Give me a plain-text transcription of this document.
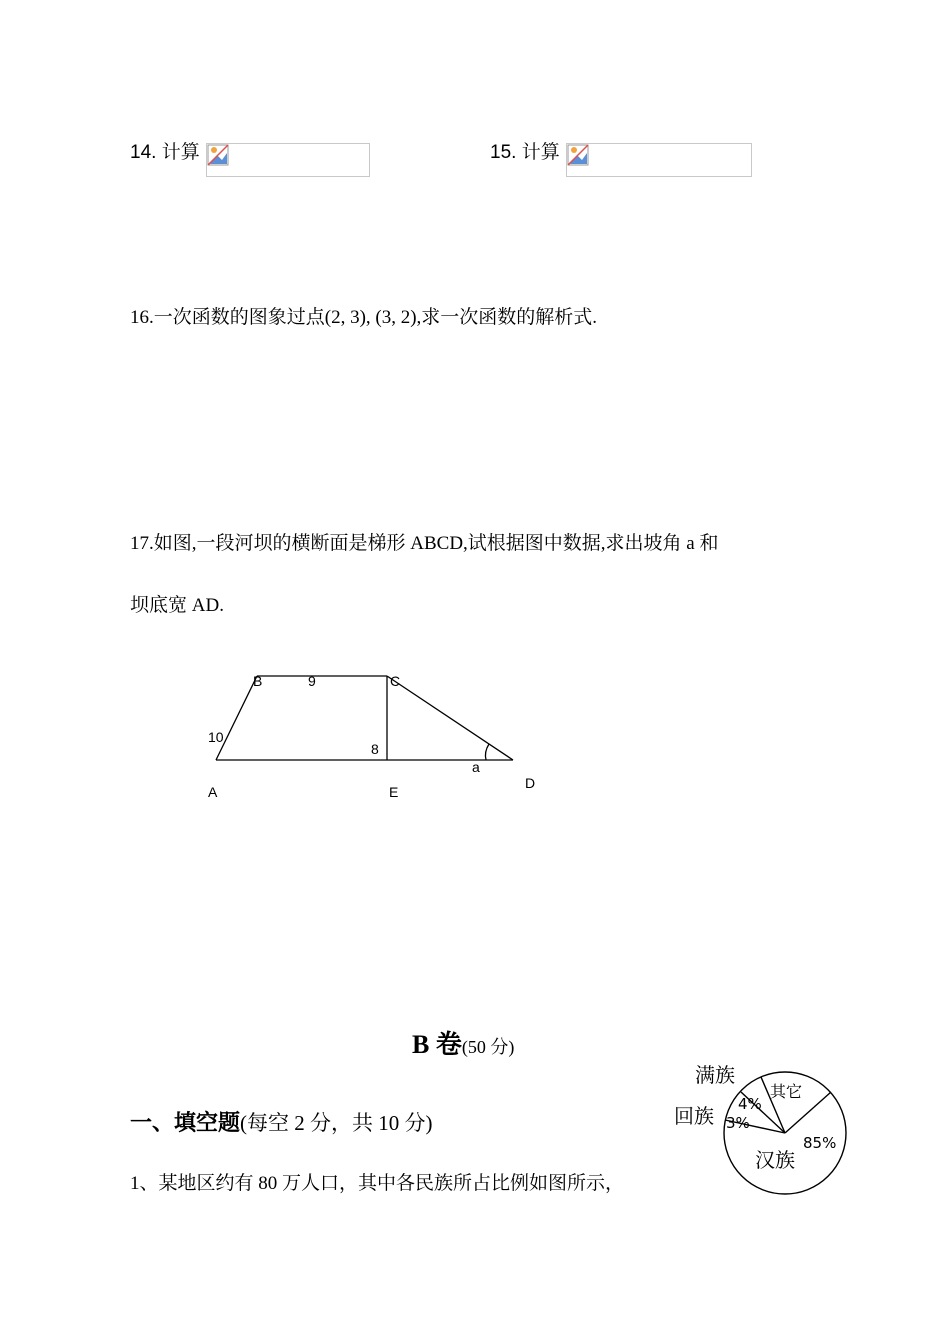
14. 计算	15. 计算
16.一次函数的图象过点(2, 3), (3, 2),求一次函数的解析式.
17.如图,一段河坝的横断面是梯形 ABCD,试根据图中数据,求出坡角 a 和
坝底宽 AD.
B	9	C
10
8
a
A	E
D
B 卷(50 分)
一、填空题(每空 2 分，共 10 分)
1、某地区约有 80 万人口，其中各民族所占比例如图所示，
满族
回族 4%
3%
其它
汉族
85%
